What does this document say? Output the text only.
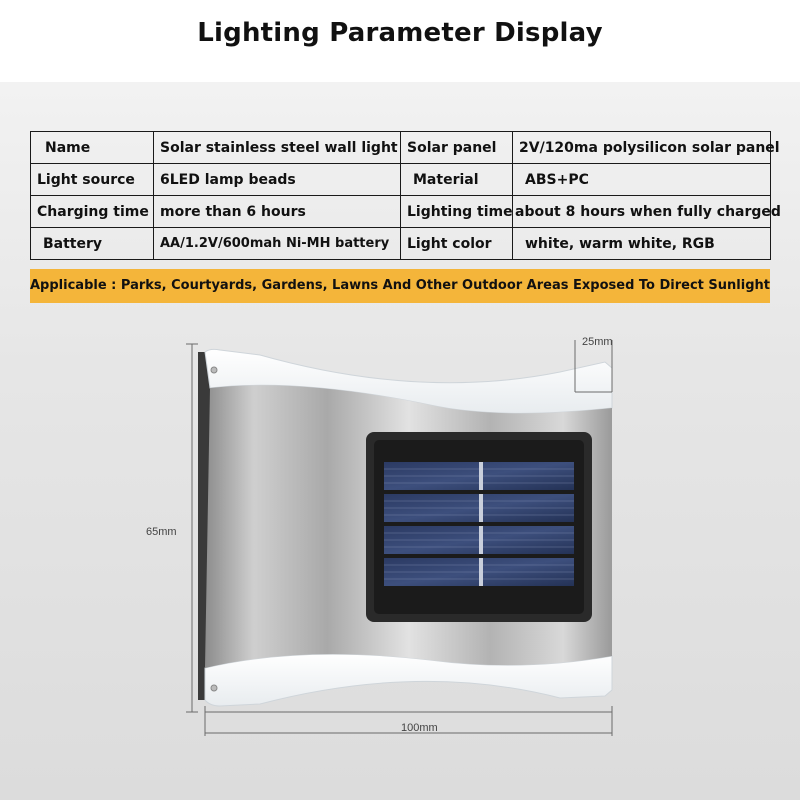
Lighting Parameter Display
Name	Solar stainless steel wall light	Solar panel	2V/120ma polysilicon solar panel
Light source	6LED lamp beads	Material	ABS+PC
Charging time	more than 6 hours	Lighting time	about 8 hours when fully charged
Battery	AA/1.2V/600mah Ni-MH battery	Light color	white, warm white, RGB
Applicable : Parks, Courtyards, Gardens, Lawns And Other Outdoor Areas Exposed To Direct Sunlight
65mm
100mm
25mm
